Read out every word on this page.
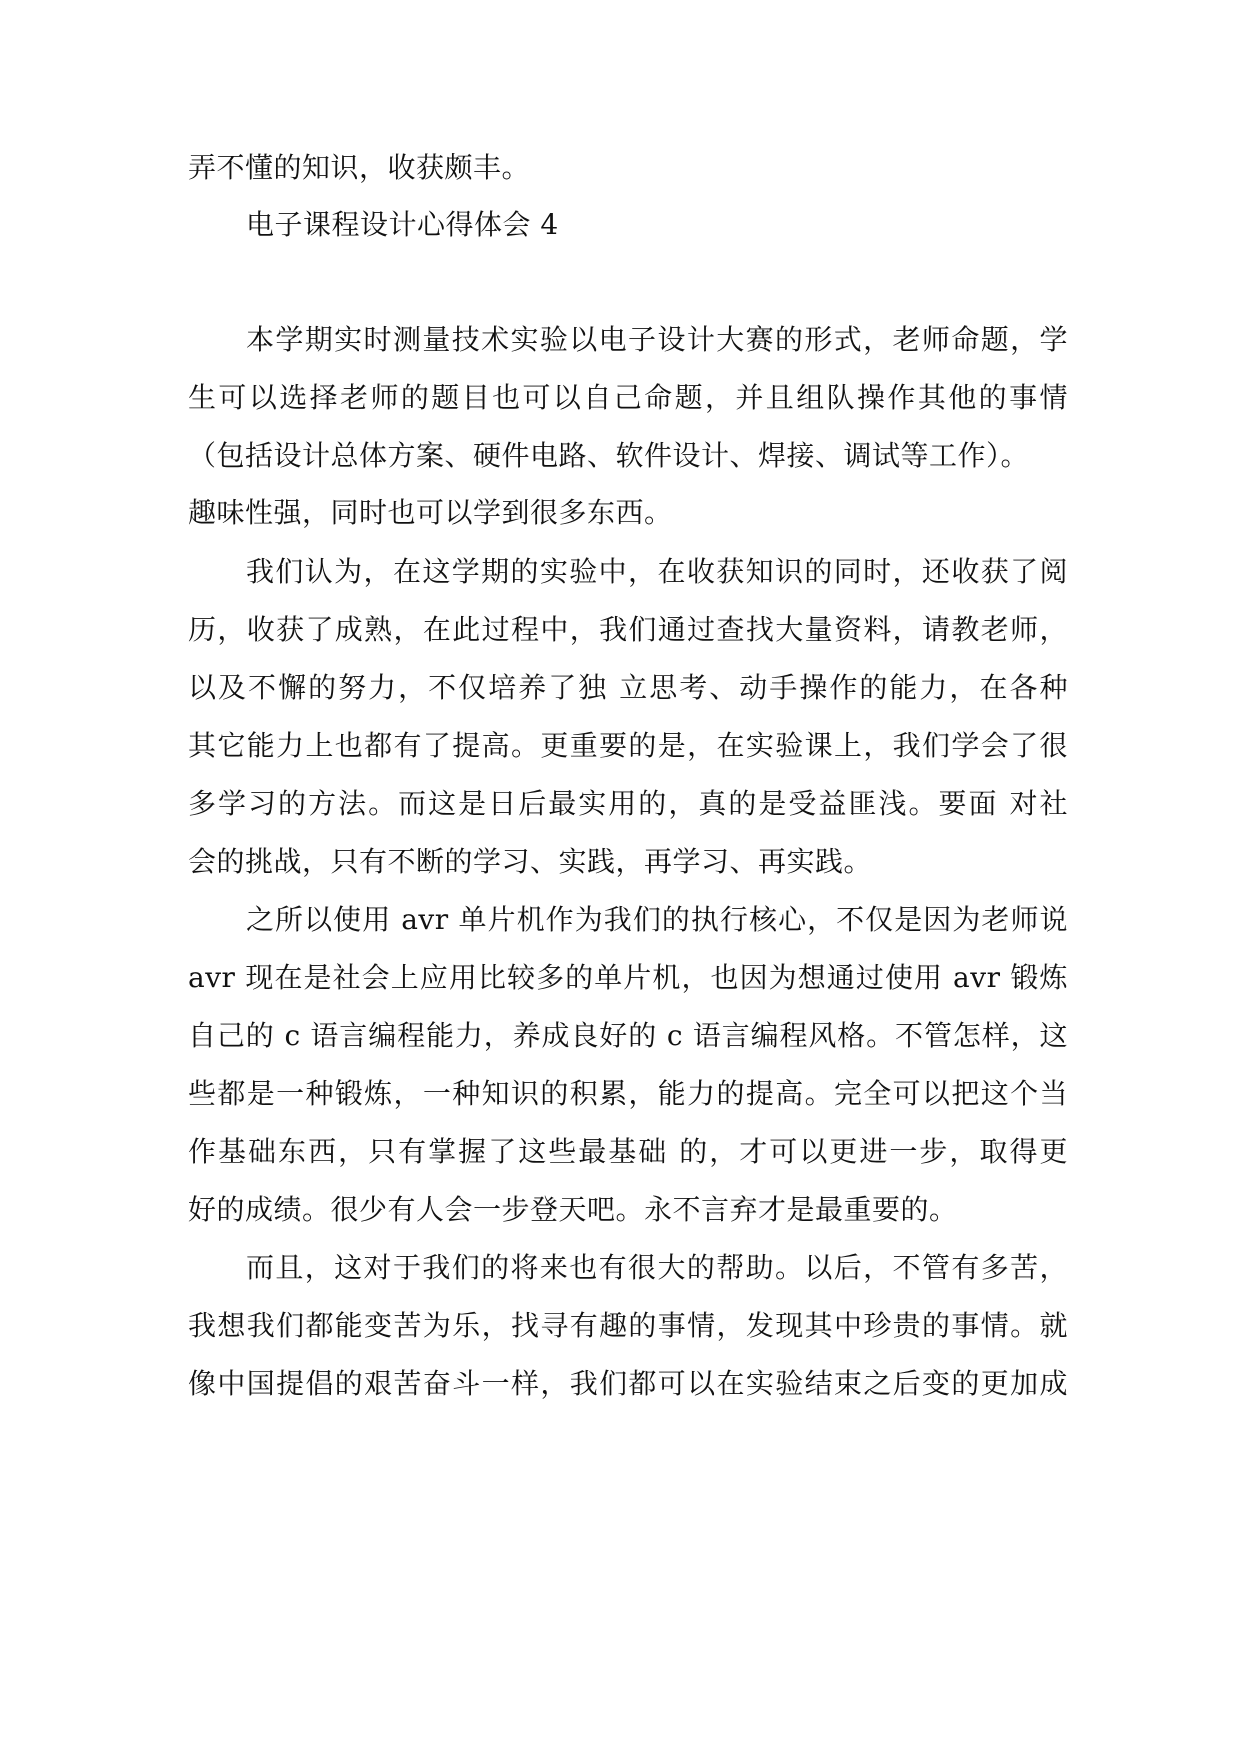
弄不懂的知识，收获颇丰。
电子课程设计心得体会 4
本学期实时测量技术实验以电子设计大赛的形式，老师命题，学
生可以选择老师的题目也可以自己命题，并且组队操作其他的事情
（包括设计总体方案、硬件电路、软件设计、焊接、调试等工作）。
趣味性强，同时也可以学到很多东西。
我们认为，在这学期的实验中，在收获知识的同时，还收获了阅
历，收获了成熟，在此过程中，我们通过查找大量资料，请教老师，
以及不懈的努力，不仅培养了独 立思考、动手操作的能力，在各种
其它能力上也都有了提高。更重要的是，在实验课上，我们学会了很
多学习的方法。而这是日后最实用的，真的是受益匪浅。要面 对社
会的挑战，只有不断的学习、实践，再学习、再实践。
之所以使用 avr 单片机作为我们的执行核心，不仅是因为老师说
avr 现在是社会上应用比较多的单片机，也因为想通过使用 avr 锻炼
自己的 c 语言编程能力，养成良好的 c 语言编程风格。不管怎样，这
些都是一种锻炼，一种知识的积累，能力的提高。完全可以把这个当
作基础东西，只有掌握了这些最基础 的，才可以更进一步，取得更
好的成绩。很少有人会一步登天吧。永不言弃才是最重要的。
而且，这对于我们的将来也有很大的帮助。以后，不管有多苦，
我想我们都能变苦为乐，找寻有趣的事情，发现其中珍贵的事情。就
像中国提倡的艰苦奋斗一样，我们都可以在实验结束之后变的更加成
